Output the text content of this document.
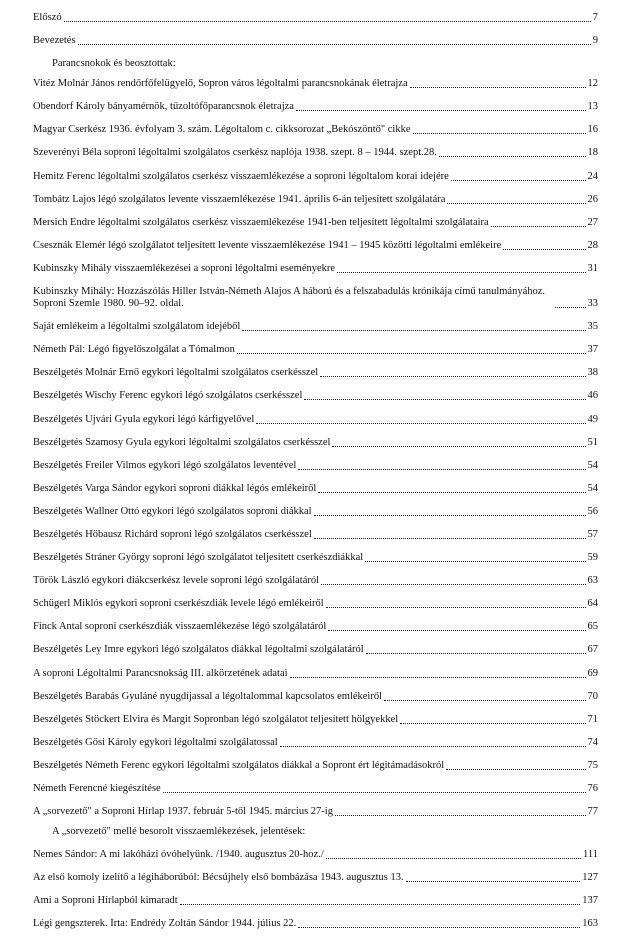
Előszó	7
Bevezetés	9
Parancsnokok és beosztottak:
Vitéz Molnár János rendőrfőfelügyelő, Sopron város légoltalmi parancsnokának életrajza	12
Obendorf Károly bányamérnök, tűzoltófőparancsnok életrajza	13
Magyar Cserkész 1936. évfolyam 3. szám. Légoltalom c. cikksorozat „Bekószöntő" cikke	16
Szeverényi Béla soproni légoltalmi szolgálatos cserkész naplója 1938. szept. 8 – 1944. szept.28.	18
Hemitz Ferenc légoltalmi szolgálatos cserkész visszaemlékezése a soproni légoltalom korai idejére	24
Tombátz Lajos légó szolgálatos levente visszaemlékezése 1941. április 6-án teljesített szolgálatára	26
Mersich Endre légoltalmi szolgálatos cserkész visszaemlékezése 1941-ben teljesített légoltalmi szolgálataira	27
Csesznák Elemér légó szolgálatot teljesített levente visszaemlékezése 1941 – 1945 közötti légoltalmi emlékeire	28
Kubinszky Mihály visszaemlékezései a soproni légoltalmi eseményekre	31
Kubinszky Mihály: Hozzászólás Hiller István-Németh Alajos A háború és a felszabadulás krónikája című tanulmányához. Soproni Szemle 1980. 90–92. oldal.	33
Saját emlékeim a légoltalmi szolgálatom idejéből	35
Németh Pál: Légó figyelőszolgálat a Tómalmon	37
Beszélgetés Molnár Ernő egykori légoltalmi szolgálatos cserkésszel	38
Beszélgetés Wischy Ferenc egykori légó szolgálatos cserkésszel	46
Beszélgetés Újvári Gyula egykori légó kárfigyelővel	49
Beszélgetés Szamosy Gyula egykori légoltalmi szolgálatos cserkésszel	51
Beszélgetés Freiler Vilmos egykori légó szolgálatos leventével	54
Beszélgetés Varga Sándor egykori soproni diákkal légós emlékeiről	54
Beszélgetés Wallner Ottó egykori légó szolgálatos soproni diákkal	56
Beszélgetés Höbausz Richárd soproni légó szolgálatos cserkésszel	57
Beszélgetés Stráner György soproni légó szolgálatot teljesített cserkészdiákkal	59
Török László egykori diákcserkész levele soproni légó szolgálatáról	63
Schügerl Miklós egykori soproni cserkészdiák levele légó emlékeiről	64
Finck Antal soproni cserkészdiák visszaemlékezése légó szolgálatáról	65
Beszélgetés Ley Imre egykori légó szolgálatos diákkal légoltalmi szolgálatáról	67
A soproni Légoltalmi Parancsnokság III. alkörzetének adatai	69
Beszélgetés Barabás Gyuláné nyugdíjassal a légoltalommal kapcsolatos emlékeiről	70
Beszélgetés Stöckert Elvira és Margit Sopronban légó szolgálatot teljesített hölgyekkel	71
Beszélgetés Gősi Károly egykori légoltalmi szolgálatossal	74
Beszélgetés Németh Ferenc egykori légoltalmi szolgálatos diákkal a Sopront ért légitámadásokról	75
Németh Ferencné kiegészítése	76
A „sorvezető" a Soproni Hírlap 1937. február 5-től 1945. március 27-ig	77
A „sorvezető" mellé besorolt visszaemlékezések, jelentések:
Nemes Sándor: A mi lakóházi óvóhelyünk. /1940. augusztus 20-hoz./	111
Az első komoly izelítő a légiháborúból: Bécsújhely első bombázása 1943. augusztus 13.	127
Ami a Soproni Hírlapból kimaradt	137
Légi gengszterek. Írta: Endrédy Zoltán Sándor 1944. július 22.	163
